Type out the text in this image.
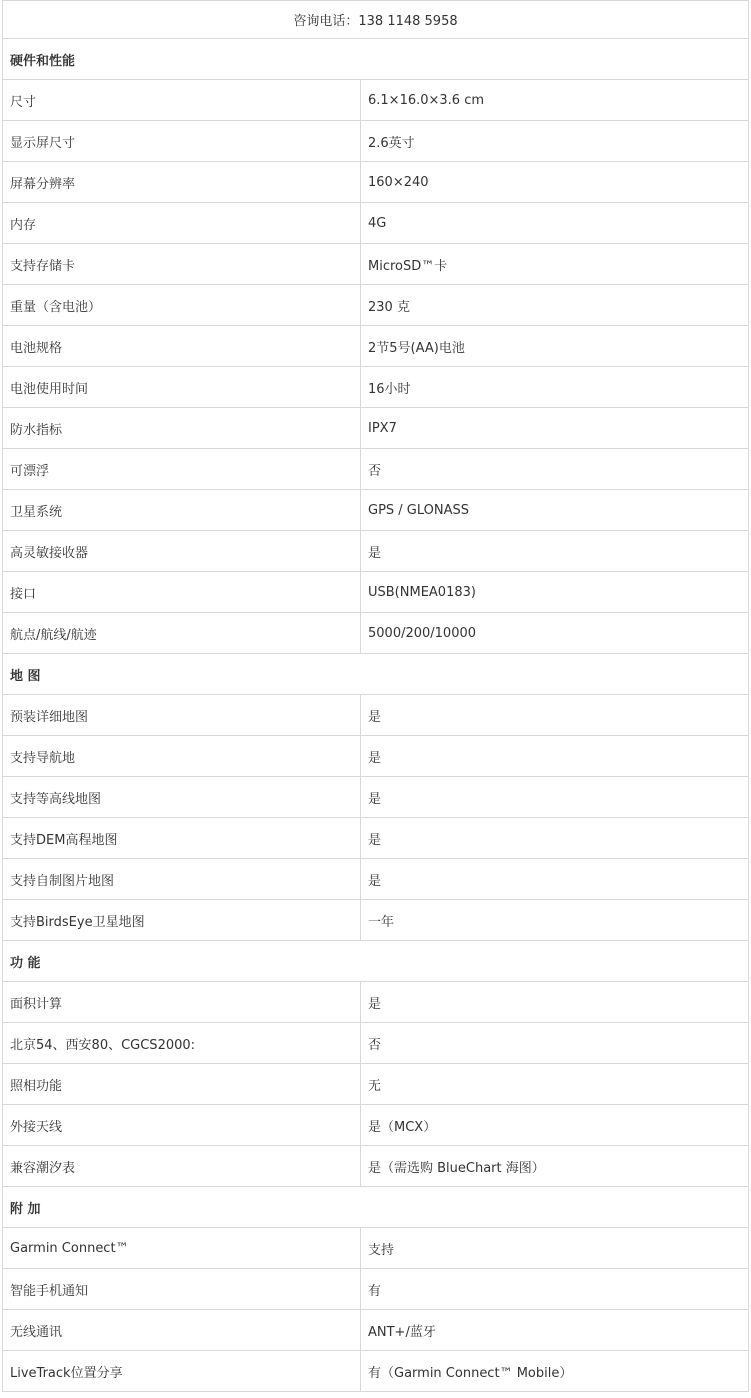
咨询电话：138 1148 5958	
硬件和性能	
尺寸	6.1×16.0×3.6 cm
显示屏尺寸	2.6英寸
屏幕分辨率	160×240
内存	4G
支持存储卡	MicroSD™卡
重量（含电池）	230 克
电池规格	2节5号(AA)电池
电池使用时间	16小时
防水指标	IPX7
可漂浮	否
卫星系统	GPS / GLONASS
高灵敏接收器	是
接口	USB(NMEA0183)
航点/航线/航迹	5000/200/10000
地 图	
预装详细地图	是
支持导航地	是
支持等高线地图	是
支持DEM高程地图	是
支持自制图片地图	是
支持BirdsEye卫星地图	一年
功 能	
面积计算	是
北京54、西安80、CGCS2000:	否
照相功能	无
外接天线	是（MCX）
兼容潮汐表	是（需选购 BlueChart 海图）
附 加	
Garmin Connect™	支持
智能手机通知	有
无线通讯	ANT+/蓝牙
LiveTrack位置分享	有（Garmin Connect™ Mobile）
